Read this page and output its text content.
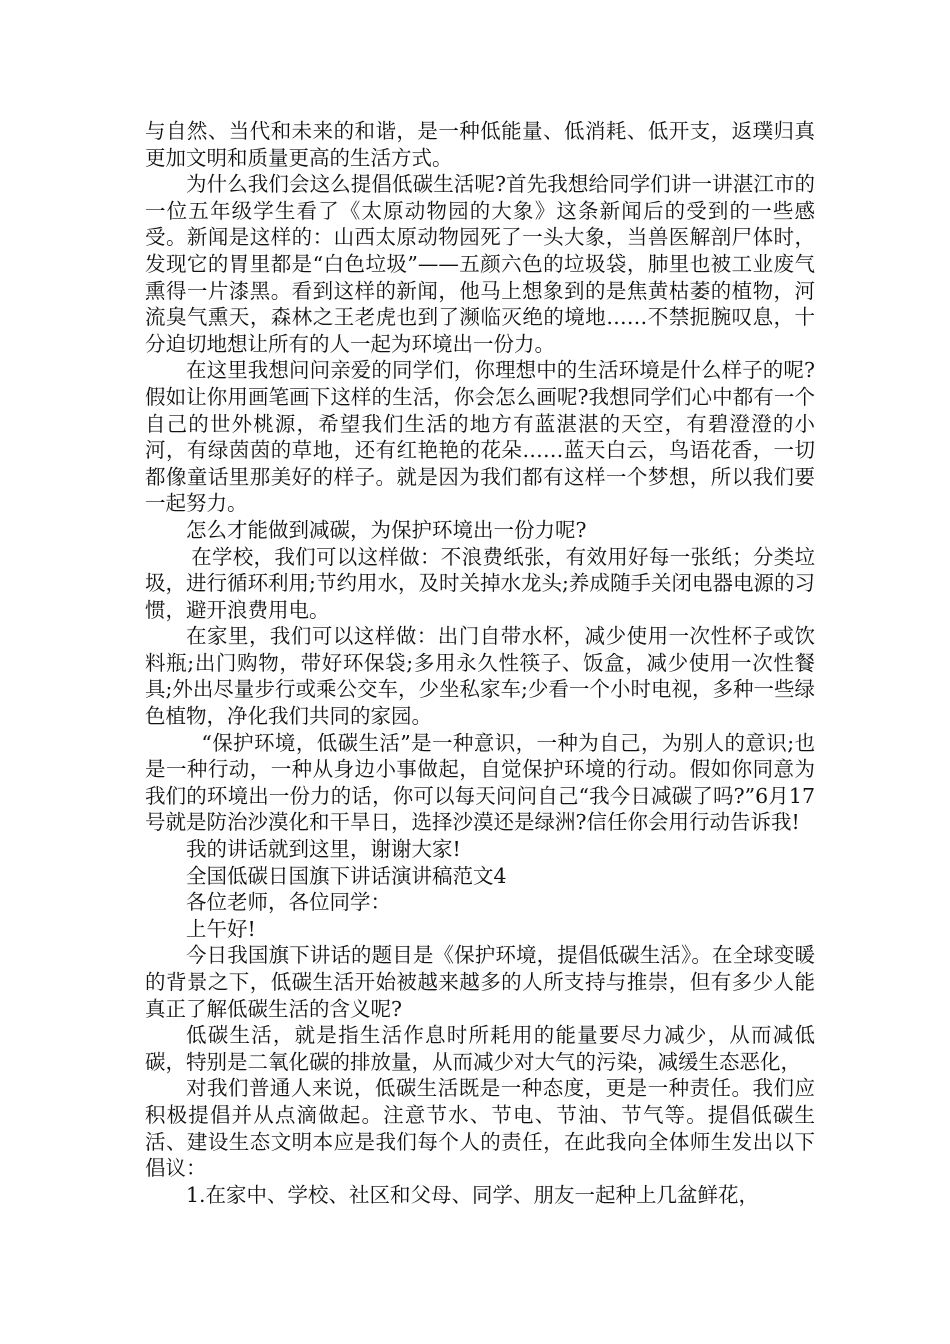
与自然、当代和未来的和谐，是一种低能量、低消耗、低开支，返璞归真更加文明和质量更高的生活方式。

为什么我们会这么提倡低碳生活呢?首先我想给同学们讲一讲湛江市的一位五年级学生看了《太原动物园的大象》这条新闻后的受到的一些感受。新闻是这样的：山西太原动物园死了一头大象，当兽医解剖尸体时，发现它的胃里都是“白色垃圾”——五颜六色的垃圾袋，肺里也被工业废气熏得一片漆黑。看到这样的新闻，他马上想象到的是焦黄枯萎的植物，河流臭气熏天，森林之王老虎也到了濒临灭绝的境地……不禁扼腕叹息，十分迫切地想让所有的人一起为环境出一份力。

在这里我想问问亲爱的同学们，你理想中的生活环境是什么样子的呢?假如让你用画笔画下这样的生活，你会怎么画呢?我想同学们心中都有一个自己的世外桃源，希望我们生活的地方有蓝湛湛的天空，有碧澄澄的小河，有绿茵茵的草地，还有红艳艳的花朵……蓝天白云，鸟语花香，一切都像童话里那美好的样子。就是因为我们都有这样一个梦想，所以我们要一起努力。

怎么才能做到减碳，为保护环境出一份力呢?

在学校，我们可以这样做：不浪费纸张，有效用好每一张纸；分类垃圾，进行循环利用;节约用水，及时关掉水龙头;养成随手关闭电器电源的习惯，避开浪费用电。

在家里，我们可以这样做：出门自带水杯，减少使用一次性杯子或饮料瓶;出门购物，带好环保袋;多用永久性筷子、饭盒，减少使用一次性餐具;外出尽量步行或乘公交车，少坐私家车;少看一个小时电视，多种一些绿色植物，净化我们共同的家园。

“保护环境，低碳生活”是一种意识，一种为自己，为别人的意识;也是一种行动，一种从身边小事做起，自觉保护环境的行动。假如你同意为我们的环境出一份力的话，你可以每天问问自己“我今日减碳了吗?”6月17号就是防治沙漠化和干旱日，选择沙漠还是绿洲?信任你会用行动告诉我!

我的讲话就到这里，谢谢大家!

全国低碳日国旗下讲话演讲稿范文4

各位老师，各位同学：

上午好!

今日我国旗下讲话的题目是《保护环境，提倡低碳生活》。在全球变暖的背景之下，低碳生活开始被越来越多的人所支持与推崇，但有多少人能真正了解低碳生活的含义呢?

低碳生活，就是指生活作息时所耗用的能量要尽力减少，从而减低碳，特别是二氧化碳的排放量，从而减少对大气的污染，减缓生态恶化，

对我们普通人来说，低碳生活既是一种态度，更是一种责任。我们应积极提倡并从点滴做起。注意节水、节电、节油、节气等。提倡低碳生活、建设生态文明本应是我们每个人的责任，在此我向全体师生发出以下倡议：

1.在家中、学校、社区和父母、同学、朋友一起种上几盆鲜花，
